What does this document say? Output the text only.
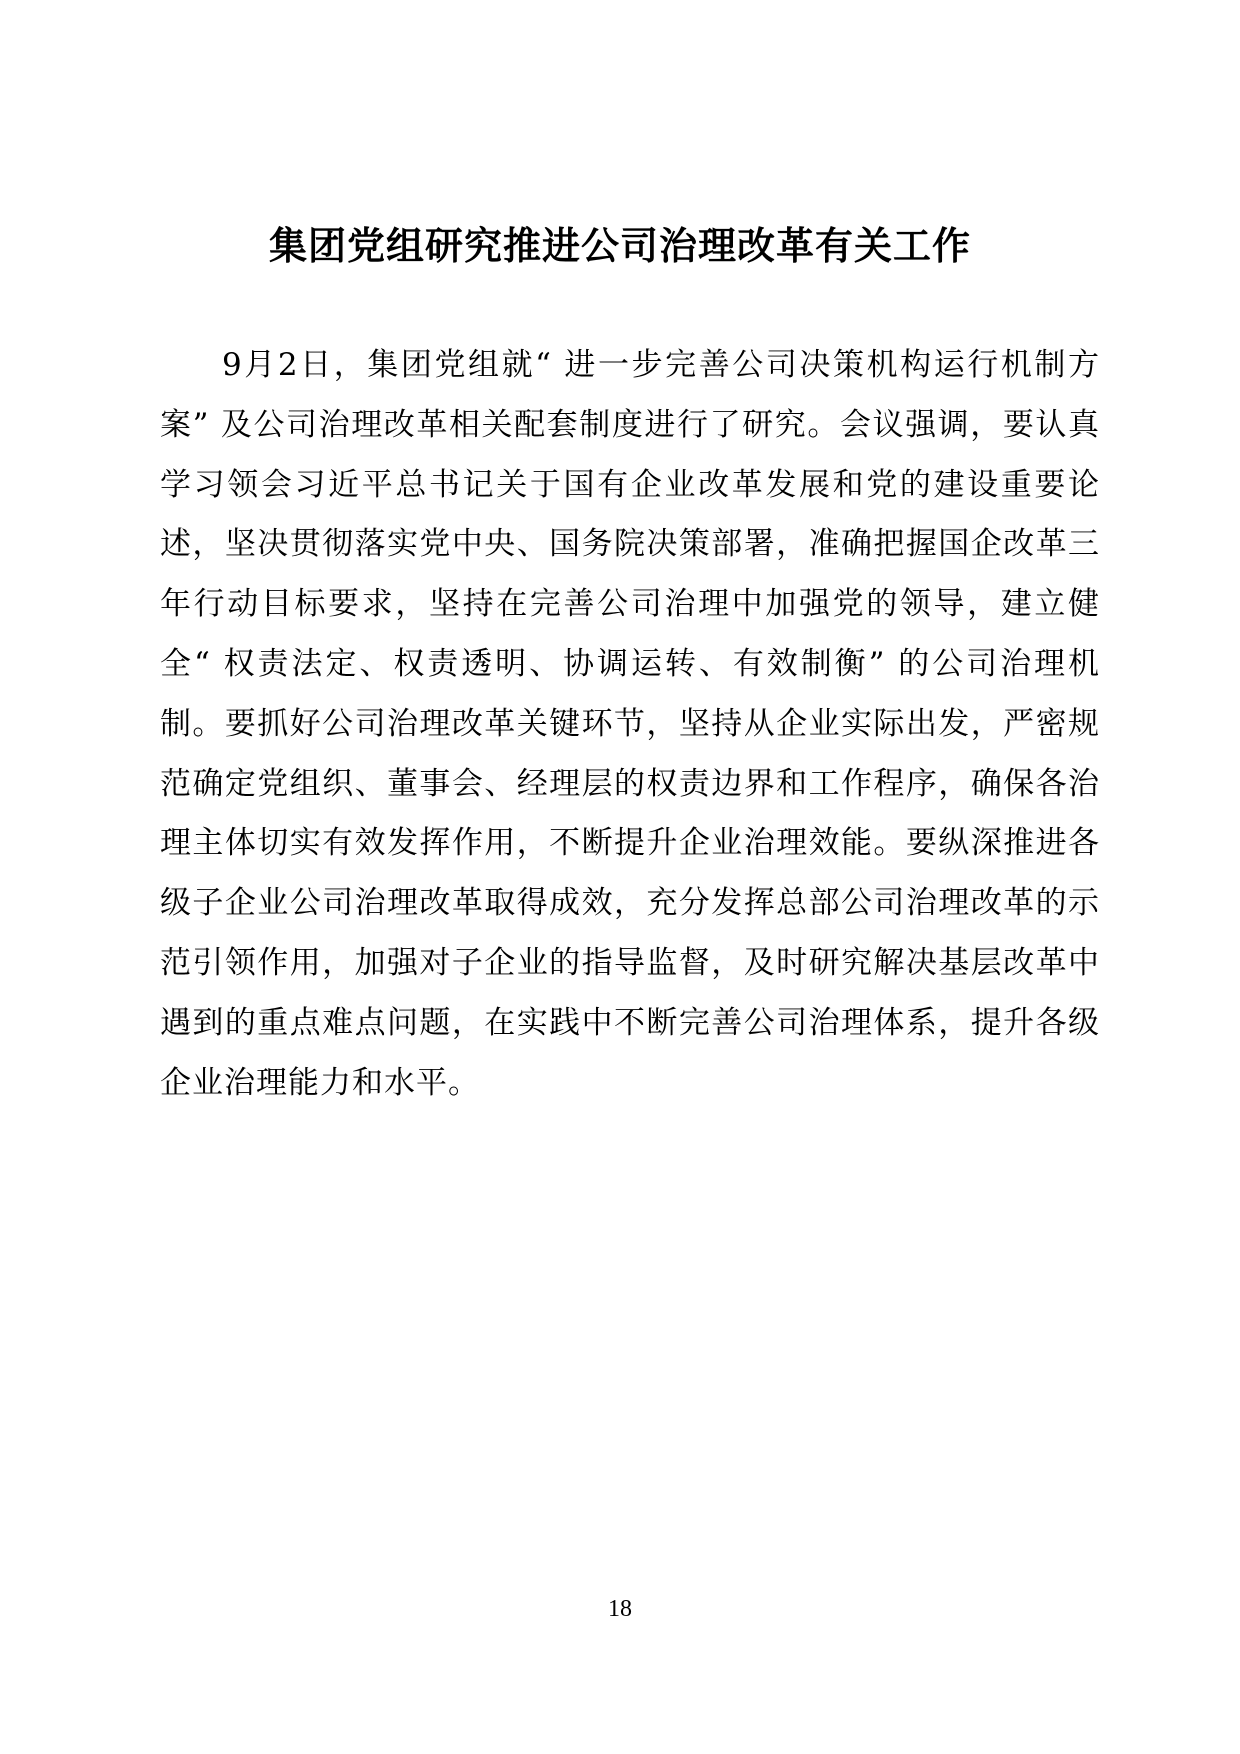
集团党组研究推进公司治理改革有关工作

9月2日，集团党组就“ 进一步完善公司决策机构运行机制方案” 及公司治理改革相关配套制度进行了研究。会议强调，要认真学习领会习近平总书记关于国有企业改革发展和党的建设重要论述，坚决贯彻落实党中央、国务院决策部署，准确把握国企改革三年行动目标要求，坚持在完善公司治理中加强党的领导，建立健全“ 权责法定、权责透明、协调运转、有效制衡” 的公司治理机制。要抓好公司治理改革关键环节，坚持从企业实际出发，严密规范确定党组织、董事会、经理层的权责边界和工作程序，确保各治理主体切实有效发挥作用，不断提升企业治理效能。要纵深推进各级子企业公司治理改革取得成效，充分发挥总部公司治理改革的示范引领作用，加强对子企业的指导监督，及时研究解决基层改革中遇到的重点难点问题，在实践中不断完善公司治理体系，提升各级企业治理能力和水平。

18
